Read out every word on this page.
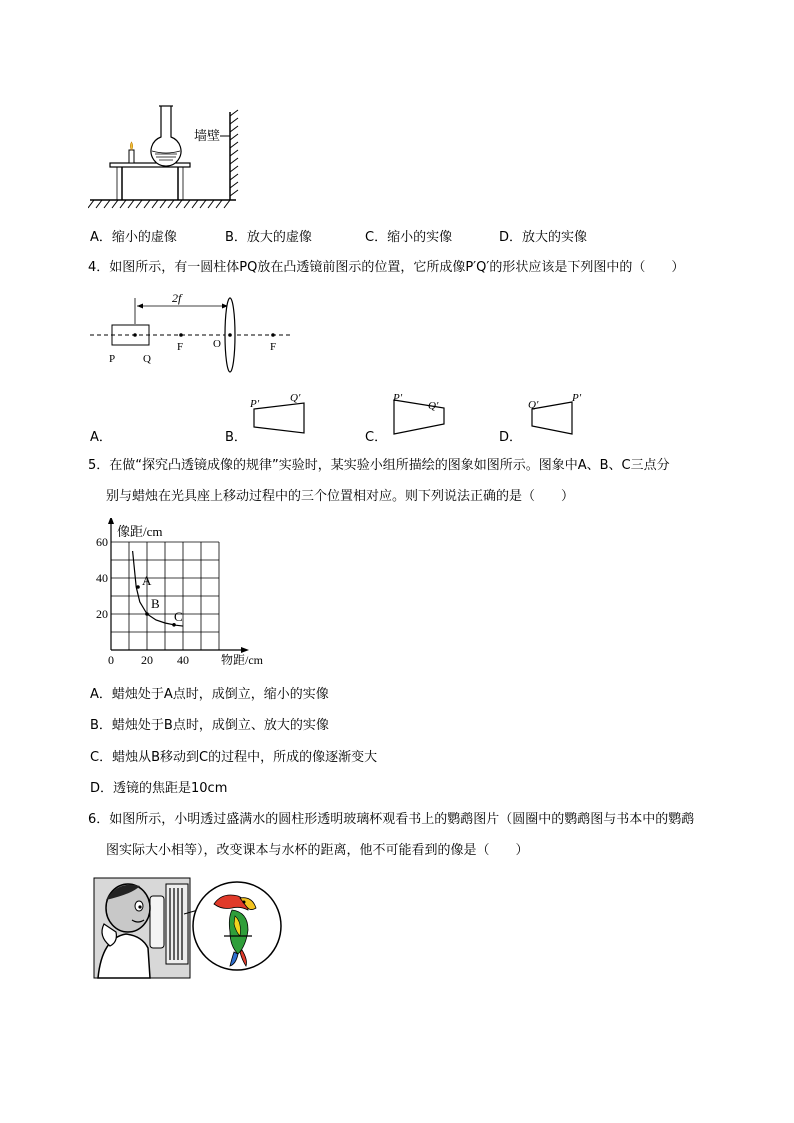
墙壁
A．缩小的虚像	B．放大的虚像	C．缩小的实像	D．放大的实像
4．如图所示，有一圆柱体PQ放在凸透镜前图示的位置，它所成像P′Q′的形状应该是下列图中的（　　）
2f
P	Q
F	O	F
A．	B．
P′	Q′
C．
P′
Q′
D．
Q′
P′
5．在做“探究凸透镜成像的规律”实验时，某实验小组所描绘的图象如图所示。图象中A、B、C三点分
别与蜡烛在光具座上移动过程中的三个位置相对应。则下列说法正确的是（　　）
0 20 40
20
40
60
像距/cm
物距/cm
A
B
C
A．蜡烛处于A点时，成倒立，缩小的实像
B．蜡烛处于B点时，成倒立、放大的实像
C．蜡烛从B移动到C的过程中，所成的像逐渐变大
D．透镜的焦距是10cm
6．如图所示，小明透过盛满水的圆柱形透明玻璃杯观看书上的鹦鹉图片（圆圈中的鹦鹉图与书本中的鹦鹉
图实际大小相等），改变课本与水杯的距离，他不可能看到的像是（　　）
